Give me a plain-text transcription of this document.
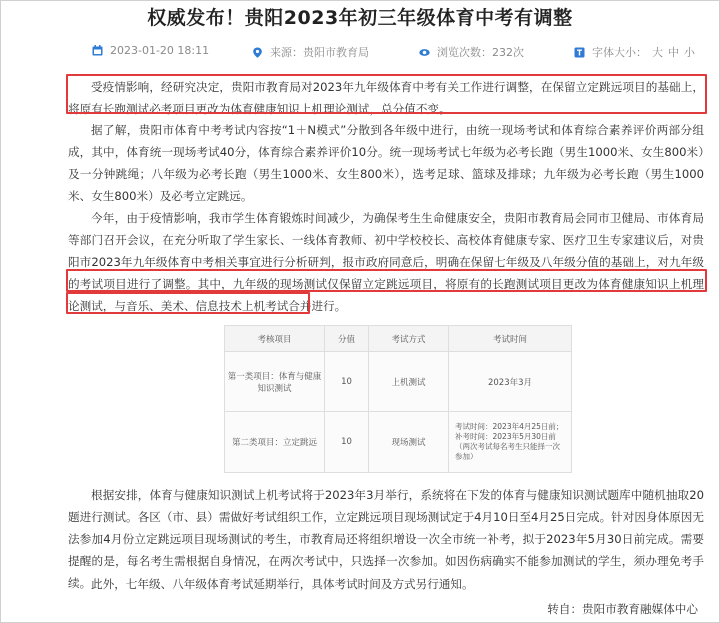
权威发布！贵阳2023年初三年级体育中考有调整
2023-01-20 18:11	来源：贵阳市教育局	浏览次数：232次	字体大小： 大 中 小

受疫情影响，经研究决定，贵阳市教育局对2023年九年级体育中考有关工作进行调整，在保留立定跳远项目的基础上，将原有长跑测试必考项目更改为体育健康知识上机理论测试，总分值不变。

据了解，贵阳市体育中考考试内容按“1＋N模式”分散到各年级中进行，由统一现场考试和体育综合素养评价两部分组成，其中，体育统一现场考试40分，体育综合素养评价10分。统一现场考试七年级为必考长跑（男生1000米、女生800米）及一分钟跳绳；八年级为必考长跑（男生1000米、女生800米），选考足球、篮球及排球；九年级为必考长跑（男生1000米、女生800米）及必考立定跳远。

今年，由于疫情影响，我市学生体育锻炼时间减少，为确保考生生命健康安全，贵阳市教育局会同市卫健局、市体育局等部门召开会议，在充分听取了学生家长、一线体育教师、初中学校校长、高校体育健康专家、医疗卫生专家建议后，对贵阳市2023年九年级体育中考相关事宜进行分析研判，报市政府同意后，明确在保留七年级及八年级分值的基础上，对九年级的考试项目进行了调整。其中，九年级的现场测试仅保留立定跳远项目，将原有的长跑测试项目更改为体育健康知识上机理论测试，与音乐、美术、信息技术上机考试合并进行。

考核项目	分值	考试方式	考试时间
第一类项目：体育与健康知识测试	10	上机测试	2023年3月
第二类项目：立定跳远	10	现场测试	考试时间：2023年4月25日前；补考时间：2023年5月30日前（两次考试每名考生只能择一次参加）

根据安排，体育与健康知识测试上机考试将于2023年3月举行，系统将在下发的体育与健康知识测试题库中随机抽取20题进行测试。各区（市、县）需做好考试组织工作，立定跳远项目现场测试定于4月10日至4月25日完成。针对因身体原因无法参加4月份立定跳远项目现场测试的考生，市教育局还将组织增设一次全市统一补考，拟于2023年5月30日前完成。需要提醒的是，每名考生需根据自身情况，在两次考试中，只选择一次参加。如因伤病确实不能参加测试的学生，须办理免考手续。 此外，七年级、八年级体育考试延期举行，具体考试时间及方式另行通知。

转自：贵阳市教育融媒体中心
